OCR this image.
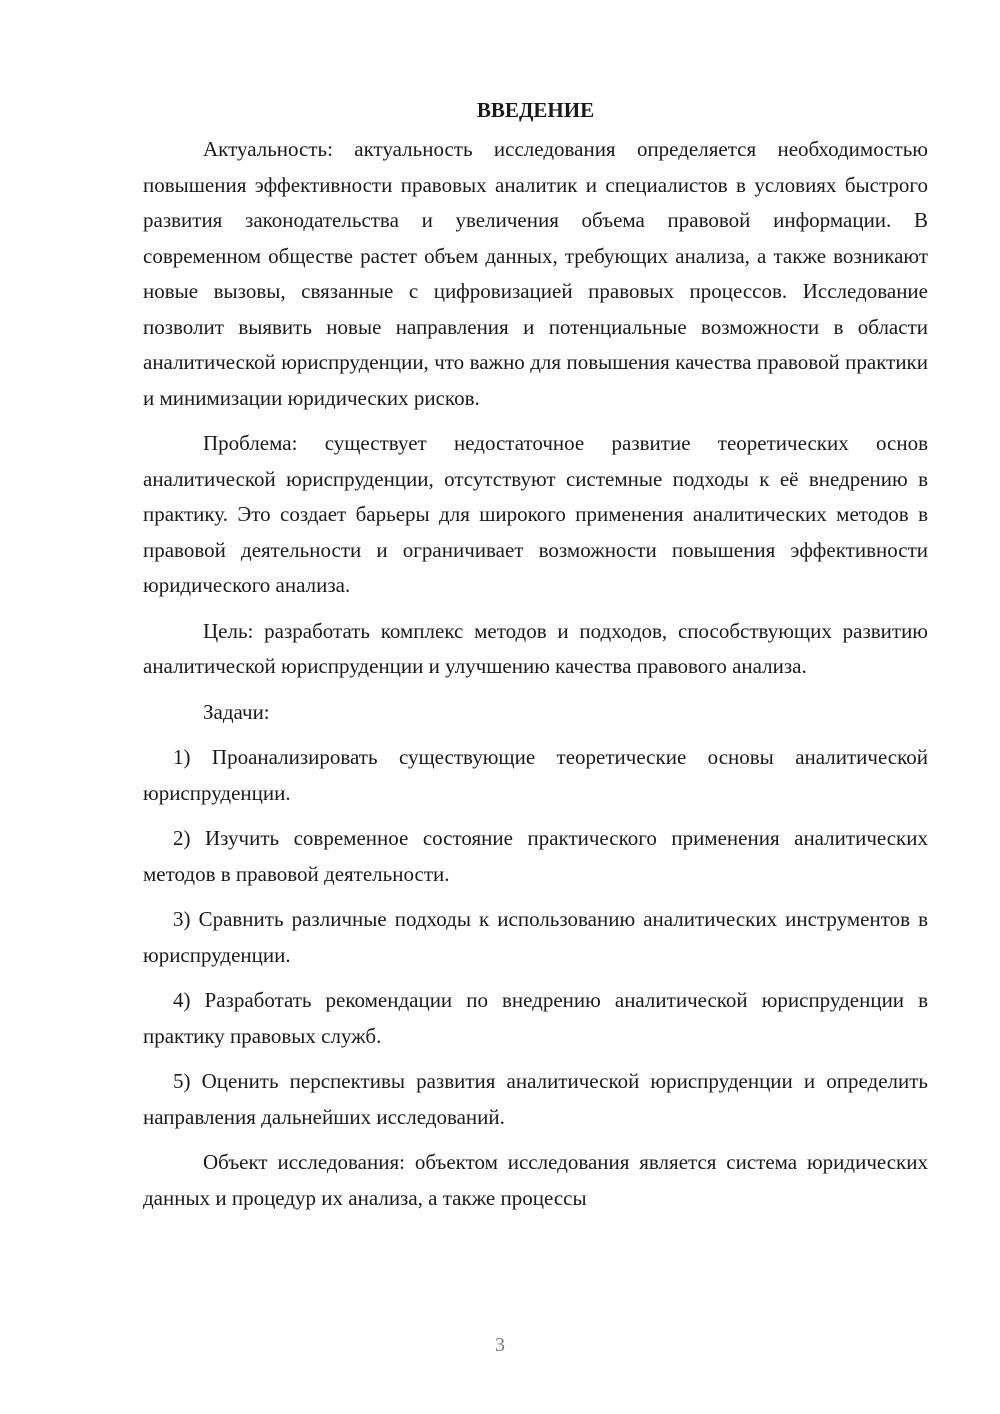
ВВЕДЕНИЕ

Актуальность: актуальность исследования определяется необходимостью повышения эффективности правовых аналитик и специалистов в условиях быстрого развития законодательства и увеличения объема правовой информации. В современном обществе растет объем данных, требующих анализа, а также возникают новые вызовы, связанные с цифровизацией правовых процессов. Исследование позволит выявить новые направления и потенциальные возможности в области аналитической юриспруденции, что важно для повышения качества правовой практики и минимизации юридических рисков.

Проблема: существует недостаточное развитие теоретических основ аналитической юриспруденции, отсутствуют системные подходы к её внедрению в практику. Это создает барьеры для широкого применения аналитических методов в правовой деятельности и ограничивает возможности повышения эффективности юридического анализа.

Цель: разработать комплекс методов и подходов, способствующих развитию аналитической юриспруденции и улучшению качества правового анализа.

Задачи:

1) Проанализировать существующие теоретические основы аналитической юриспруденции.

2) Изучить современное состояние практического применения аналитических методов в правовой деятельности.

3) Сравнить различные подходы к использованию аналитических инструментов в юриспруденции.

4) Разработать рекомендации по внедрению аналитической юриспруденции в практику правовых служб.

5) Оценить перспективы развития аналитической юриспруденции и определить направления дальнейших исследований.

Объект исследования: объектом исследования является система юридических данных и процедур их анализа, а также процессы

3
